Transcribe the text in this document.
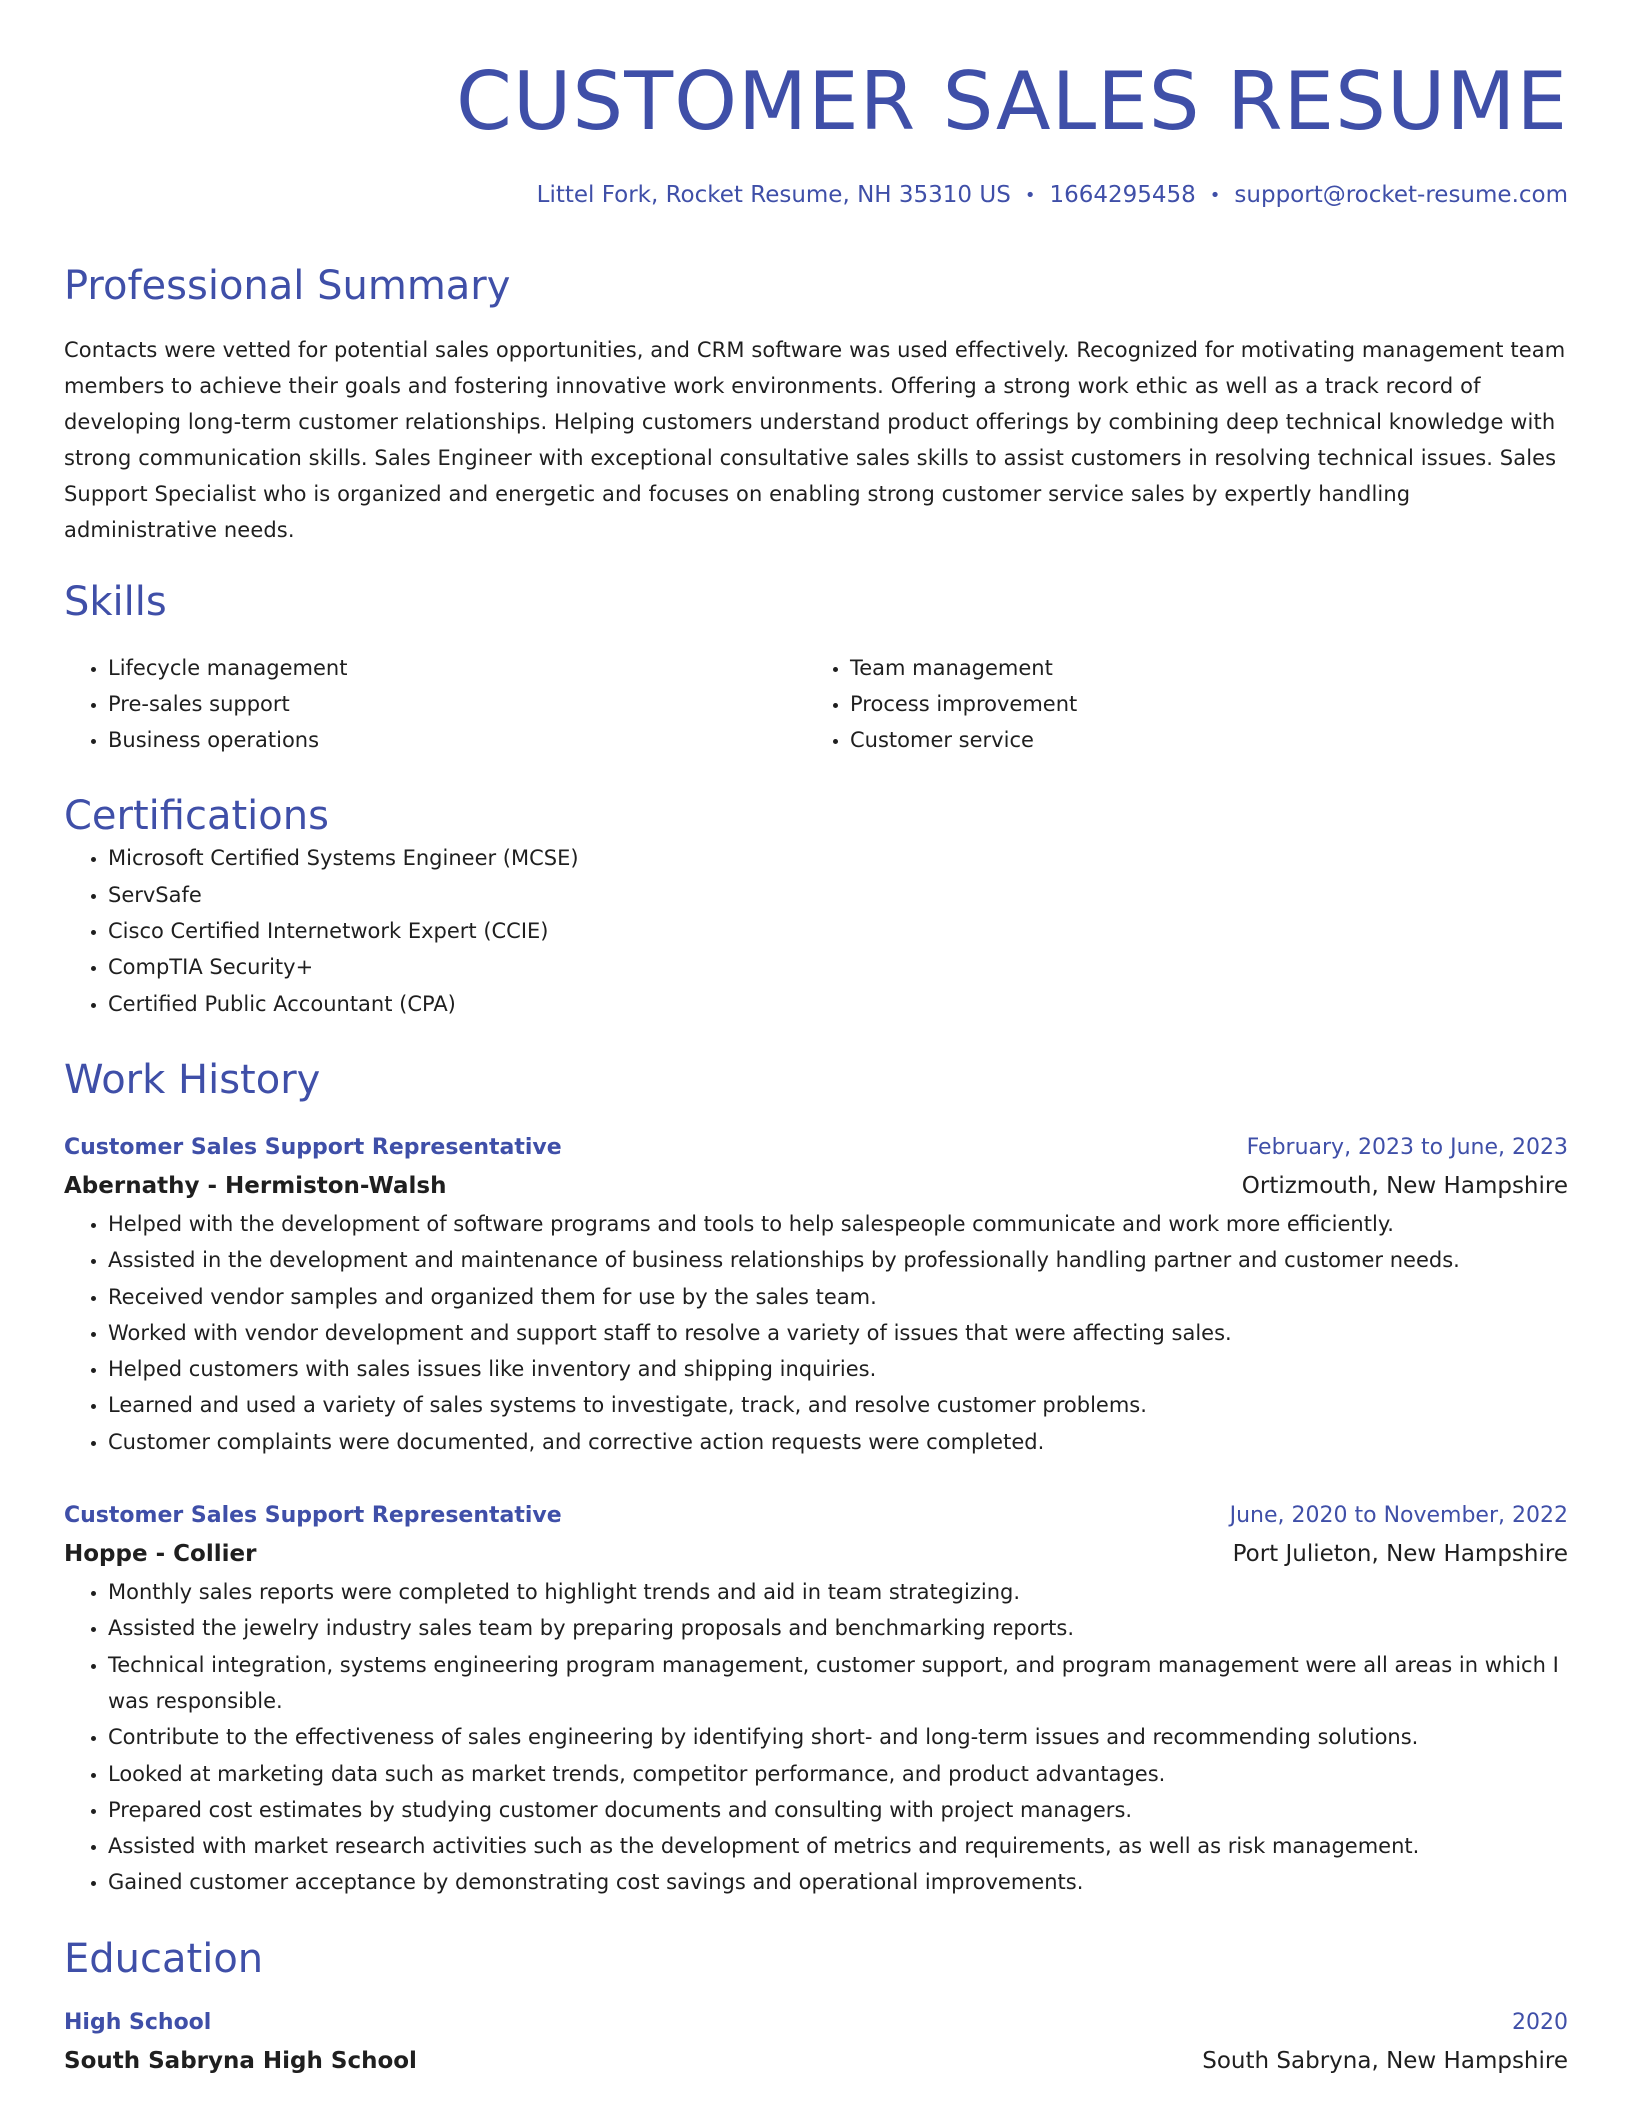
CUSTOMER SALES RESUME
Littel Fork, Rocket Resume, NH 35310 US • 1664295458 • support@rocket-resume.com
Professional Summary

Contacts were vetted for potential sales opportunities, and CRM software was used effectively. Recognized for motivating management team members to achieve their goals and fostering innovative work environments. Offering a strong work ethic as well as a track record of developing long-term customer relationships. Helping customers understand product offerings by combining deep technical knowledge with strong communication skills. Sales Engineer with exceptional consultative sales skills to assist customers in resolving technical issues. Sales Support Specialist who is organized and energetic and focuses on enabling strong customer service sales by expertly handling administrative needs.

Skills
• Lifecycle management
• Pre-sales support
• Business operations
• Team management
• Process improvement
• Customer service
Certifications
• Microsoft Certified Systems Engineer (MCSE)
• ServSafe
• Cisco Certified Internetwork Expert (CCIE)
• CompTIA Security+
• Certified Public Accountant (CPA)
Work History
Customer Sales Support Representative	February, 2023 to June, 2023
Abernathy - Hermiston-Walsh	Ortizmouth, New Hampshire
• Helped with the development of software programs and tools to help salespeople communicate and work more efficiently.
• Assisted in the development and maintenance of business relationships by professionally handling partner and customer needs.
• Received vendor samples and organized them for use by the sales team.
• Worked with vendor development and support staff to resolve a variety of issues that were affecting sales.
• Helped customers with sales issues like inventory and shipping inquiries.
• Learned and used a variety of sales systems to investigate, track, and resolve customer problems.
• Customer complaints were documented, and corrective action requests were completed.
Customer Sales Support Representative	June, 2020 to November, 2022
Hoppe - Collier	Port Julieton, New Hampshire
• Monthly sales reports were completed to highlight trends and aid in team strategizing.
• Assisted the jewelry industry sales team by preparing proposals and benchmarking reports.
• Technical integration, systems engineering program management, customer support, and program management were all areas in which I was responsible.
• Contribute to the effectiveness of sales engineering by identifying short- and long-term issues and recommending solutions.
• Looked at marketing data such as market trends, competitor performance, and product advantages.
• Prepared cost estimates by studying customer documents and consulting with project managers.
• Assisted with market research activities such as the development of metrics and requirements, as well as risk management.
• Gained customer acceptance by demonstrating cost savings and operational improvements.
Education
High School	2020
South Sabryna High School	South Sabryna, New Hampshire
